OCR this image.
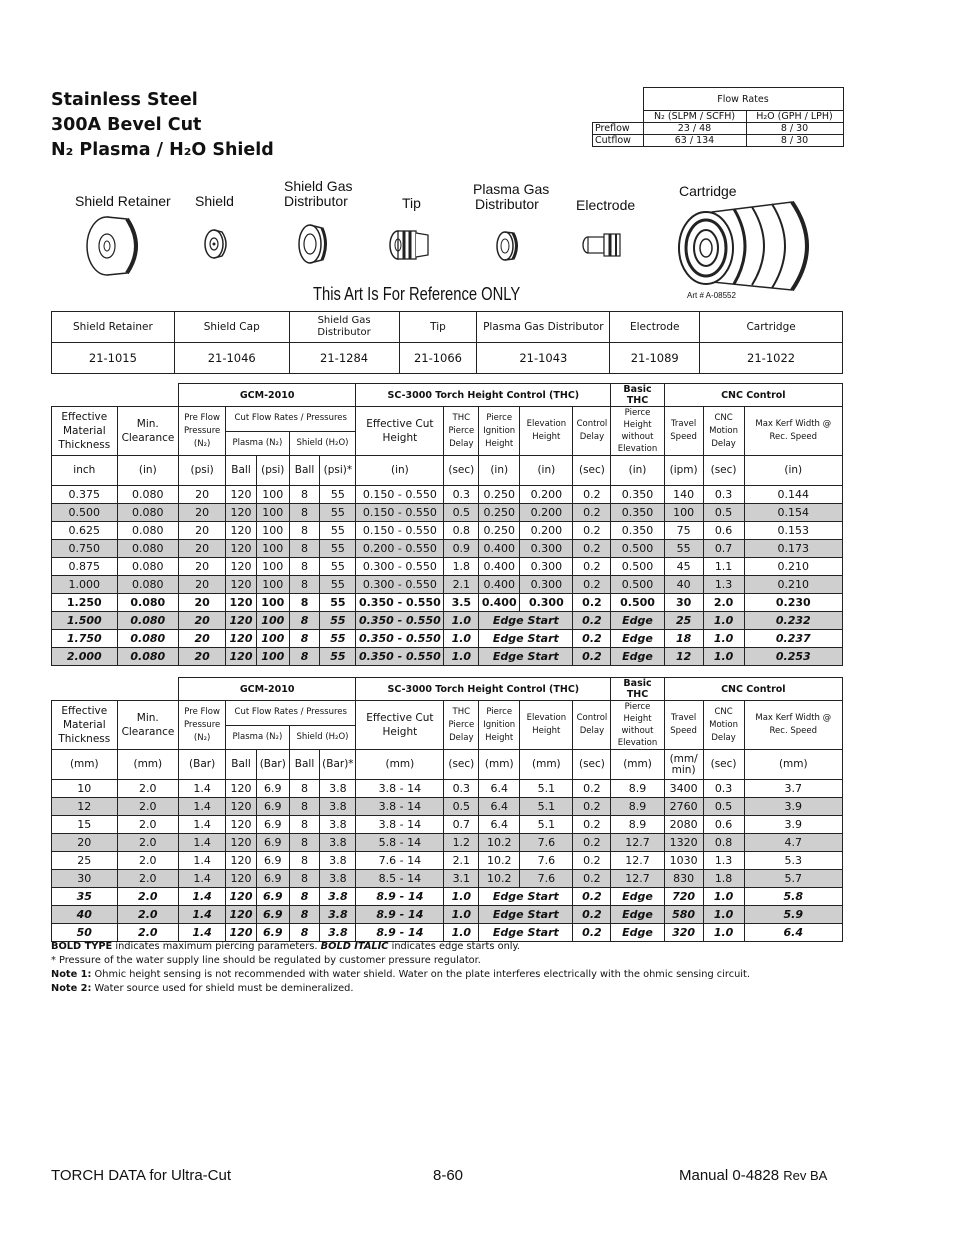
Stainless Steel
300A Bevel Cut
N₂ Plasma / H₂O Shield
	Flow Rates	
	N₂ (SLPM / SCFH)	H₂O (GPH / LPH)
Preflow	23 / 48	8 / 30
Cutflow	63 / 134	8 / 30
Shield Retainer Shield
Shield Gas
Distributor	Tip
Plasma Gas
Distributor	Electrode
Cartridge
This Art Is For Reference ONLY	Art # A-08552
Shield Retainer	Shield Cap	Shield Gas Distributor	Tip	Plasma Gas Distributor	Electrode	Cartridge
21-1015	21-1046	21-1284	21-1066	21-1043	21-1089	21-1022
		GCM-2010					SC-3000 Torch Height Control (THC)					Basic THC	CNC Control		
Effective Material Thickness	Min. Clearance	Pre Flow Pressure (N₂)	Cut Flow Rates / Pressures				Effective Cut Height	THC Pierce Delay	Pierce Ignition Height	Elevation Height	Control Delay	Pierce Height without Elevation	Travel Speed	CNC Motion Delay	Max Kerf Width @ Rec. Speed
			Plasma (N₂)		Shield (H₂O)										
inch	(in)	(psi)	Ball	(psi)	Ball	(psi)*	(in)	(sec)	(in)	(in)	(sec)	(in)	(ipm)	(sec)	(in)
0.375	0.080	20	120	100	8	55	0.150 - 0.550	0.3	0.250	0.200	0.2	0.350	140	0.3	0.144
0.500	0.080	20	120	100	8	55	0.150 - 0.550	0.5	0.250	0.200	0.2	0.350	100	0.5	0.154
0.625	0.080	20	120	100	8	55	0.150 - 0.550	0.8	0.250	0.200	0.2	0.350	75	0.6	0.153
0.750	0.080	20	120	100	8	55	0.200 - 0.550	0.9	0.400	0.300	0.2	0.500	55	0.7	0.173
0.875	0.080	20	120	100	8	55	0.300 - 0.550	1.8	0.400	0.300	0.2	0.500	45	1.1	0.210
1.000	0.080	20	120	100	8	55	0.300 - 0.550	2.1	0.400	0.300	0.2	0.500	40	1.3	0.210
1.250	0.080	20	120	100	8	55	0.350 - 0.550	3.5	0.400	0.300	0.2	0.500	30	2.0	0.230
1.500	0.080	20	120	100	8	55	0.350 - 0.550	1.0	Edge Start		0.2	Edge	25	1.0	0.232
1.750	0.080	20	120	100	8	55	0.350 - 0.550	1.0	Edge Start		0.2	Edge	18	1.0	0.237
2.000	0.080	20	120	100	8	55	0.350 - 0.550	1.0	Edge Start		0.2	Edge	12	1.0	0.253
		GCM-2010					SC-3000 Torch Height Control (THC)					Basic THC	CNC Control		
Effective Material Thickness	Min. Clearance	Pre Flow Pressure (N₂)	Cut Flow Rates / Pressures				Effective Cut Height	THC Pierce Delay	Pierce Ignition Height	Elevation Height	Control Delay	Pierce Height without Elevation	Travel Speed	CNC Motion Delay	Max Kerf Width @ Rec. Speed
			Plasma (N₂)		Shield (H₂O)										
(mm)	(mm)	(Bar)	Ball	(Bar)	Ball	(Bar)*	(mm)	(sec)	(mm)	(mm)	(sec)	(mm)	(mm/ min)	(sec)	(mm)
10	2.0	1.4	120	6.9	8	3.8	3.8 - 14	0.3	6.4	5.1	0.2	8.9	3400	0.3	3.7
12	2.0	1.4	120	6.9	8	3.8	3.8 - 14	0.5	6.4	5.1	0.2	8.9	2760	0.5	3.9
15	2.0	1.4	120	6.9	8	3.8	3.8 - 14	0.7	6.4	5.1	0.2	8.9	2080	0.6	3.9
20	2.0	1.4	120	6.9	8	3.8	5.8 - 14	1.2	10.2	7.6	0.2	12.7	1320	0.8	4.7
25	2.0	1.4	120	6.9	8	3.8	7.6 - 14	2.1	10.2	7.6	0.2	12.7	1030	1.3	5.3
30	2.0	1.4	120	6.9	8	3.8	8.5 - 14	3.1	10.2	7.6	0.2	12.7	830	1.8	5.7
35	2.0	1.4	120	6.9	8	3.8	8.9 - 14	1.0	Edge Start		0.2	Edge	720	1.0	5.8
40	2.0	1.4	120	6.9	8	3.8	8.9 - 14	1.0	Edge Start		0.2	Edge	580	1.0	5.9
50	2.0	1.4	120	6.9	8	3.8	8.9 - 14	1.0	Edge Start		0.2	Edge	320	1.0	6.4
BOLD TYPE indicates maximum piercing parameters. BOLD ITALIC indicates edge starts only.
* Pressure of the water supply line should be regulated by customer pressure regulator.
Note 1: Ohmic height sensing is not recommended with water shield. Water on the plate interferes electrically with the ohmic sensing circuit.
Note 2: Water source used for shield must be demineralized.
TORCH DATA for Ultra-Cut	8-60	Manual 0-4828 Rev BA
